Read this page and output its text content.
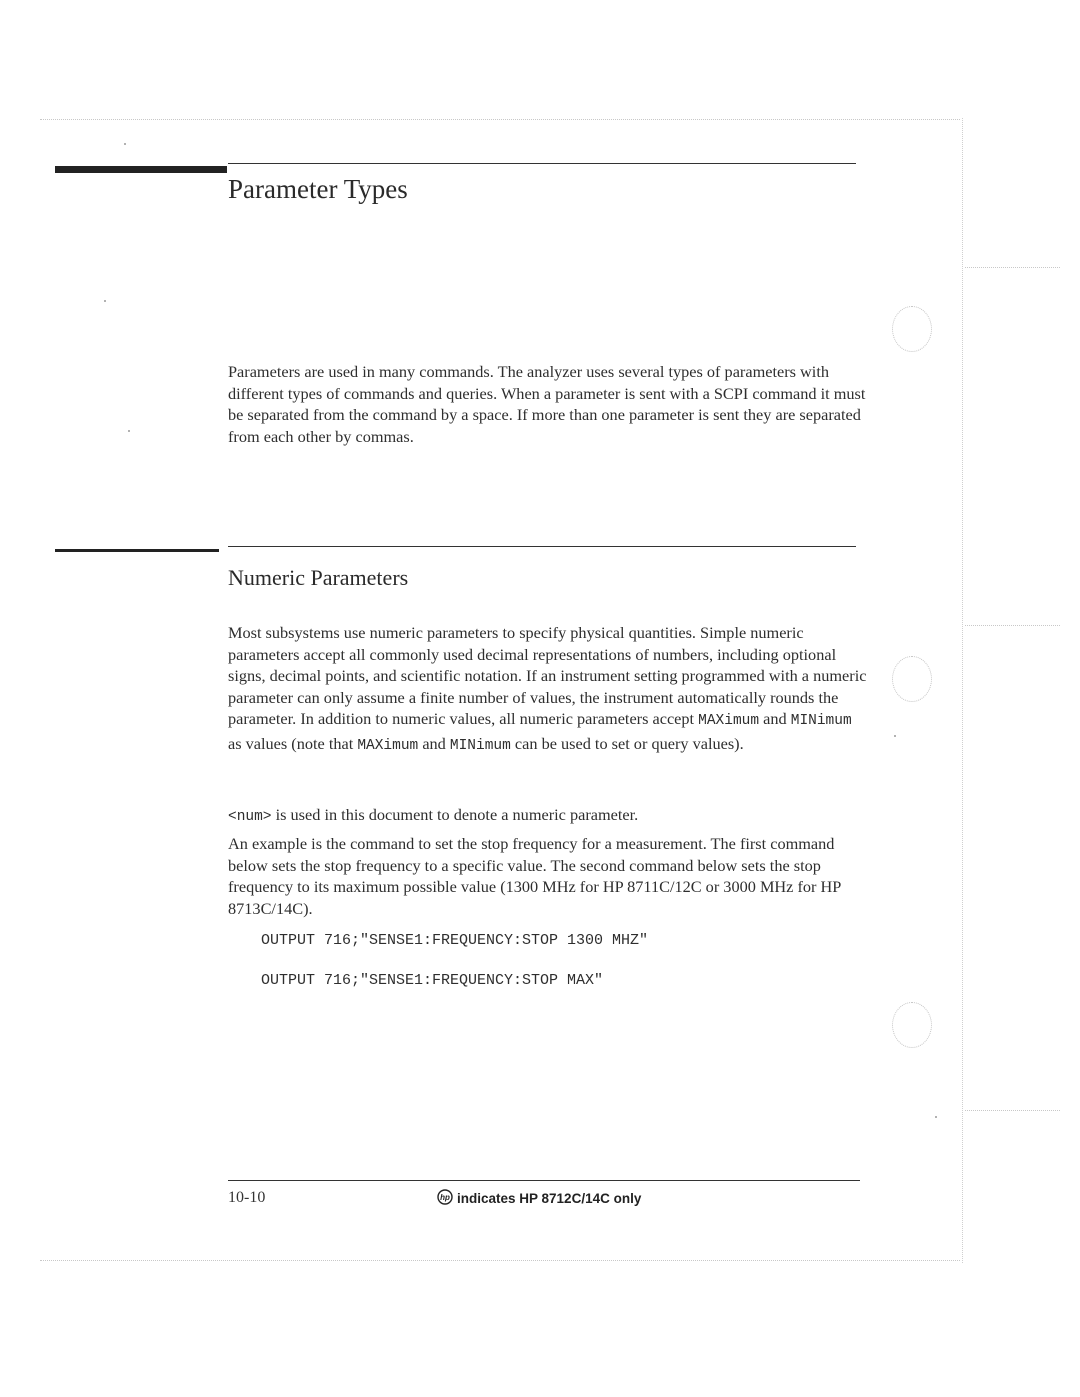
Parameter Types

Parameters are used in many commands. The analyzer uses several types of parameters with different types of commands and queries. When a parameter is sent with a SCPI command it must be separated from the command by a space. If more than one parameter is sent they are separated from each other by commas.

Numeric Parameters

Most subsystems use numeric parameters to specify physical quantities. Simple numeric parameters accept all commonly used decimal representations of numbers, including optional signs, decimal points, and scientific notation. If an instrument setting programmed with a numeric parameter can only assume a finite number of values, the instrument automatically rounds the parameter. In addition to numeric values, all numeric parameters accept MAXimum and MINimum as values (note that MAXimum and MINimum can be used to set or query values).

<num> is used in this document to denote a numeric parameter.

An example is the command to set the stop frequency for a measurement. The first command below sets the stop frequency to a specific value. The second command below sets the stop frequency to its maximum possible value (1300 MHz for HP 8711C/12C or 3000 MHz for HP 8713C/14C).

OUTPUT 716;"SENSE1:FREQUENCY:STOP 1300 MHZ"
OUTPUT 716;"SENSE1:FREQUENCY:STOP MAX"
10-10	hp indicates HP 8712C/14C only
